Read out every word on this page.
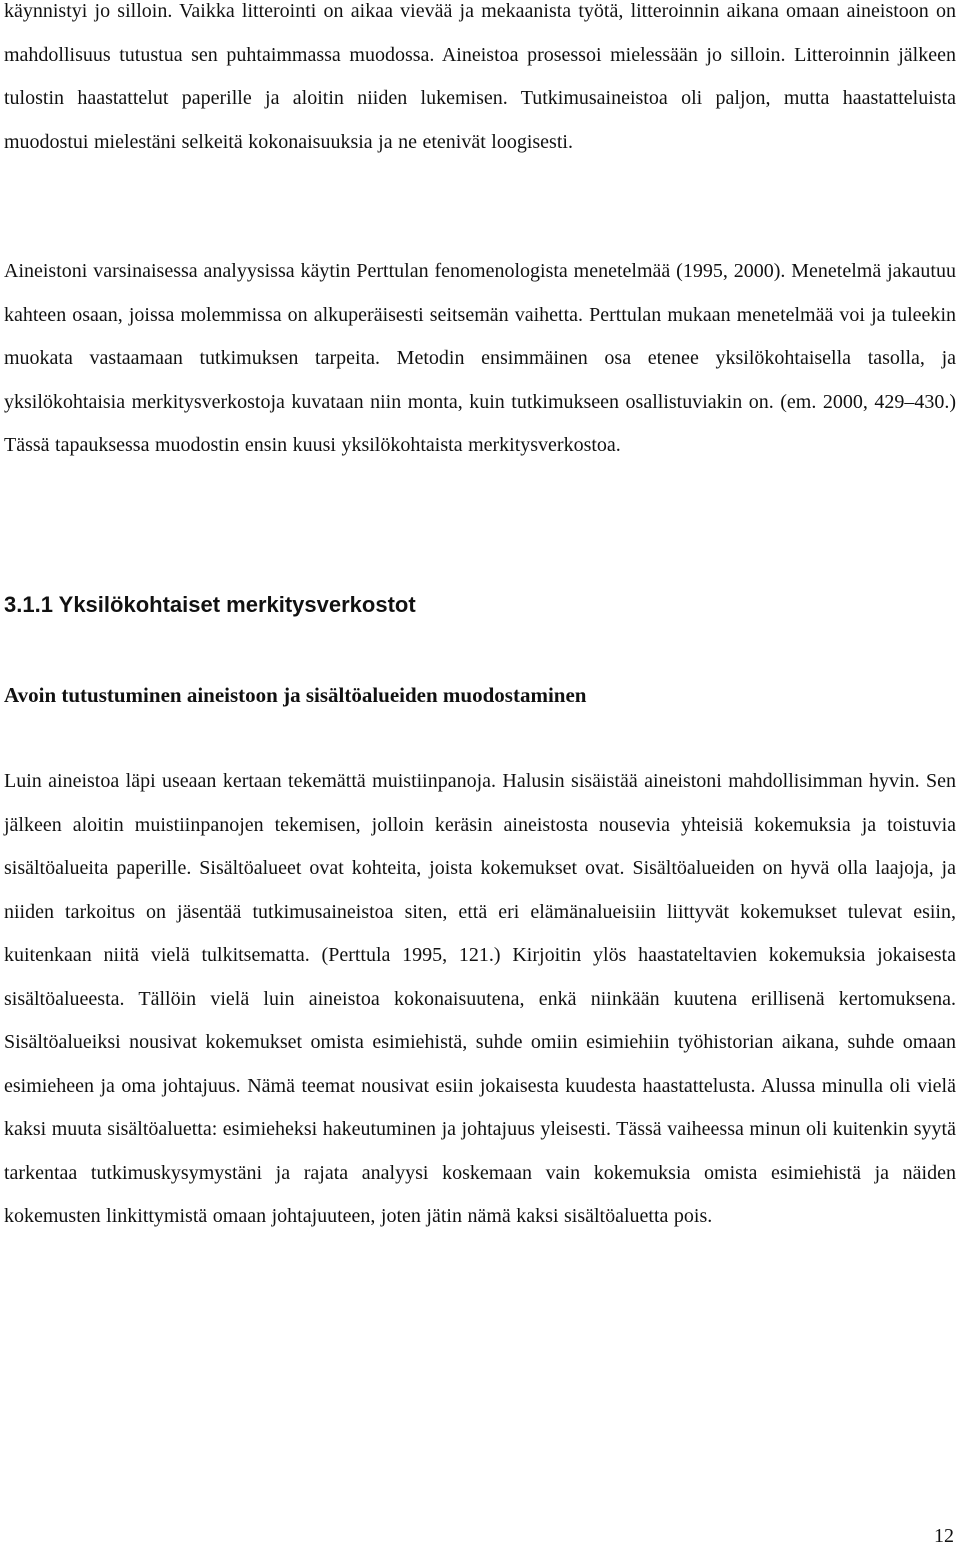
käynnistyi jo silloin. Vaikka litterointi on aikaa vievää ja mekaanista työtä, litteroinnin aikana omaan aineistoon on mahdollisuus tutustua sen puhtaimmassa muodossa. Aineistoa prosessoi mielessään jo silloin. Litteroinnin jälkeen tulostin haastattelut paperille ja aloitin niiden lukemisen. Tutkimusaineistoa oli paljon, mutta haastatteluista muodostui mielestäni selkeitä kokonaisuuksia ja ne etenivät loogisesti.

Aineistoni varsinaisessa analyysissa käytin Perttulan fenomenologista menetelmää (1995, 2000). Menetelmä jakautuu kahteen osaan, joissa molemmissa on alkuperäisesti seitsemän vaihetta. Perttulan mukaan menetelmää voi ja tuleekin muokata vastaamaan tutkimuksen tarpeita. Metodin ensimmäinen osa etenee yksilökohtaisella tasolla, ja yksilökohtaisia merkitysverkostoja kuvataan niin monta, kuin tutkimukseen osallistuviakin on. (em. 2000, 429–430.) Tässä tapauksessa muodostin ensin kuusi yksilökohtaista merkitysverkostoa.

3.1.1 Yksilökohtaiset merkitysverkostot
Avoin tutustuminen aineistoon ja sisältöalueiden muodostaminen

Luin aineistoa läpi useaan kertaan tekemättä muistiinpanoja. Halusin sisäistää aineistoni mahdollisimman hyvin. Sen jälkeen aloitin muistiinpanojen tekemisen, jolloin keräsin aineistosta nousevia yhteisiä kokemuksia ja toistuvia sisältöalueita paperille. Sisältöalueet ovat kohteita, joista kokemukset ovat. Sisältöalueiden on hyvä olla laajoja, ja niiden tarkoitus on jäsentää tutkimusaineistoa siten, että eri elämänalueisiin liittyvät kokemukset tulevat esiin, kuitenkaan niitä vielä tulkitsematta. (Perttula 1995, 121.) Kirjoitin ylös haastateltavien kokemuksia jokaisesta sisältöalueesta. Tällöin vielä luin aineistoa kokonaisuutena, enkä niinkään kuutena erillisenä kertomuksena. Sisältöalueiksi nousivat kokemukset omista esimiehistä, suhde omiin esimiehiin työhistorian aikana, suhde omaan esimieheen ja oma johtajuus. Nämä teemat nousivat esiin jokaisesta kuudesta haastattelusta. Alussa minulla oli vielä kaksi muuta sisältöaluetta: esimieheksi hakeutuminen ja johtajuus yleisesti. Tässä vaiheessa minun oli kuitenkin syytä tarkentaa tutkimuskysymystäni ja rajata analyysi koskemaan vain kokemuksia omista esimiehistä ja näiden kokemusten linkittymistä omaan johtajuuteen, joten jätin nämä kaksi sisältöaluetta pois.

12
